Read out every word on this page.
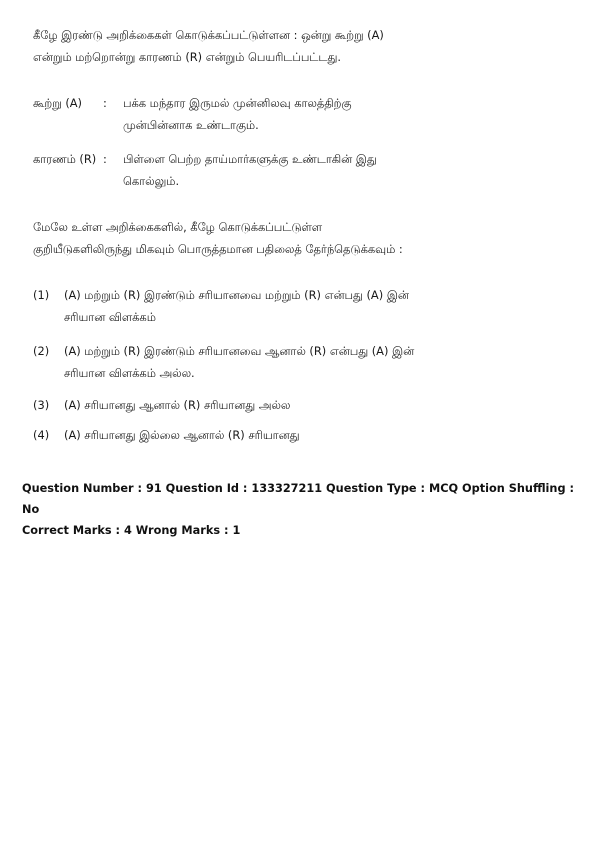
கீழே இரண்டு அறிக்கைகள் கொடுக்கப்பட்டுள்ளன : ஒன்று கூற்று (A)
என்றும் மற்றொன்று காரணம் (R) என்றும் பெயரிடப்பட்டது.
கூற்று (A)	:	பக்க மந்தார இருமல் முன்னிலவு காலத்திற்கு
முன்பின்னாக உண்டாகும்.
காரணம் (R) :	பிள்ளை பெற்ற தாய்மார்களுக்கு உண்டாகின் இது
கொல்லும்.
மேலே உள்ள அறிக்கைகளில், கீழே கொடுக்கப்பட்டுள்ள
குறியீடுகளிலிருந்து மிகவும் பொருத்தமான பதிலைத் தேர்ந்தெடுக்கவும் :
(1)	(A) மற்றும் (R) இரண்டும் சரியானவை மற்றும் (R) என்பது (A) இன்
சரியான விளக்கம்
(2)	(A) மற்றும் (R) இரண்டும் சரியானவை ஆனால் (R) என்பது (A) இன்
சரியான விளக்கம் அல்ல.
(3)	(A) சரியானது ஆனால் (R) சரியானது அல்ல
(4)	(A) சரியானது இல்லை ஆனால் (R) சரியானது
Question Number : 91 Question Id : 133327211 Question Type : MCQ Option Shuffling : No
Correct Marks : 4 Wrong Marks : 1
